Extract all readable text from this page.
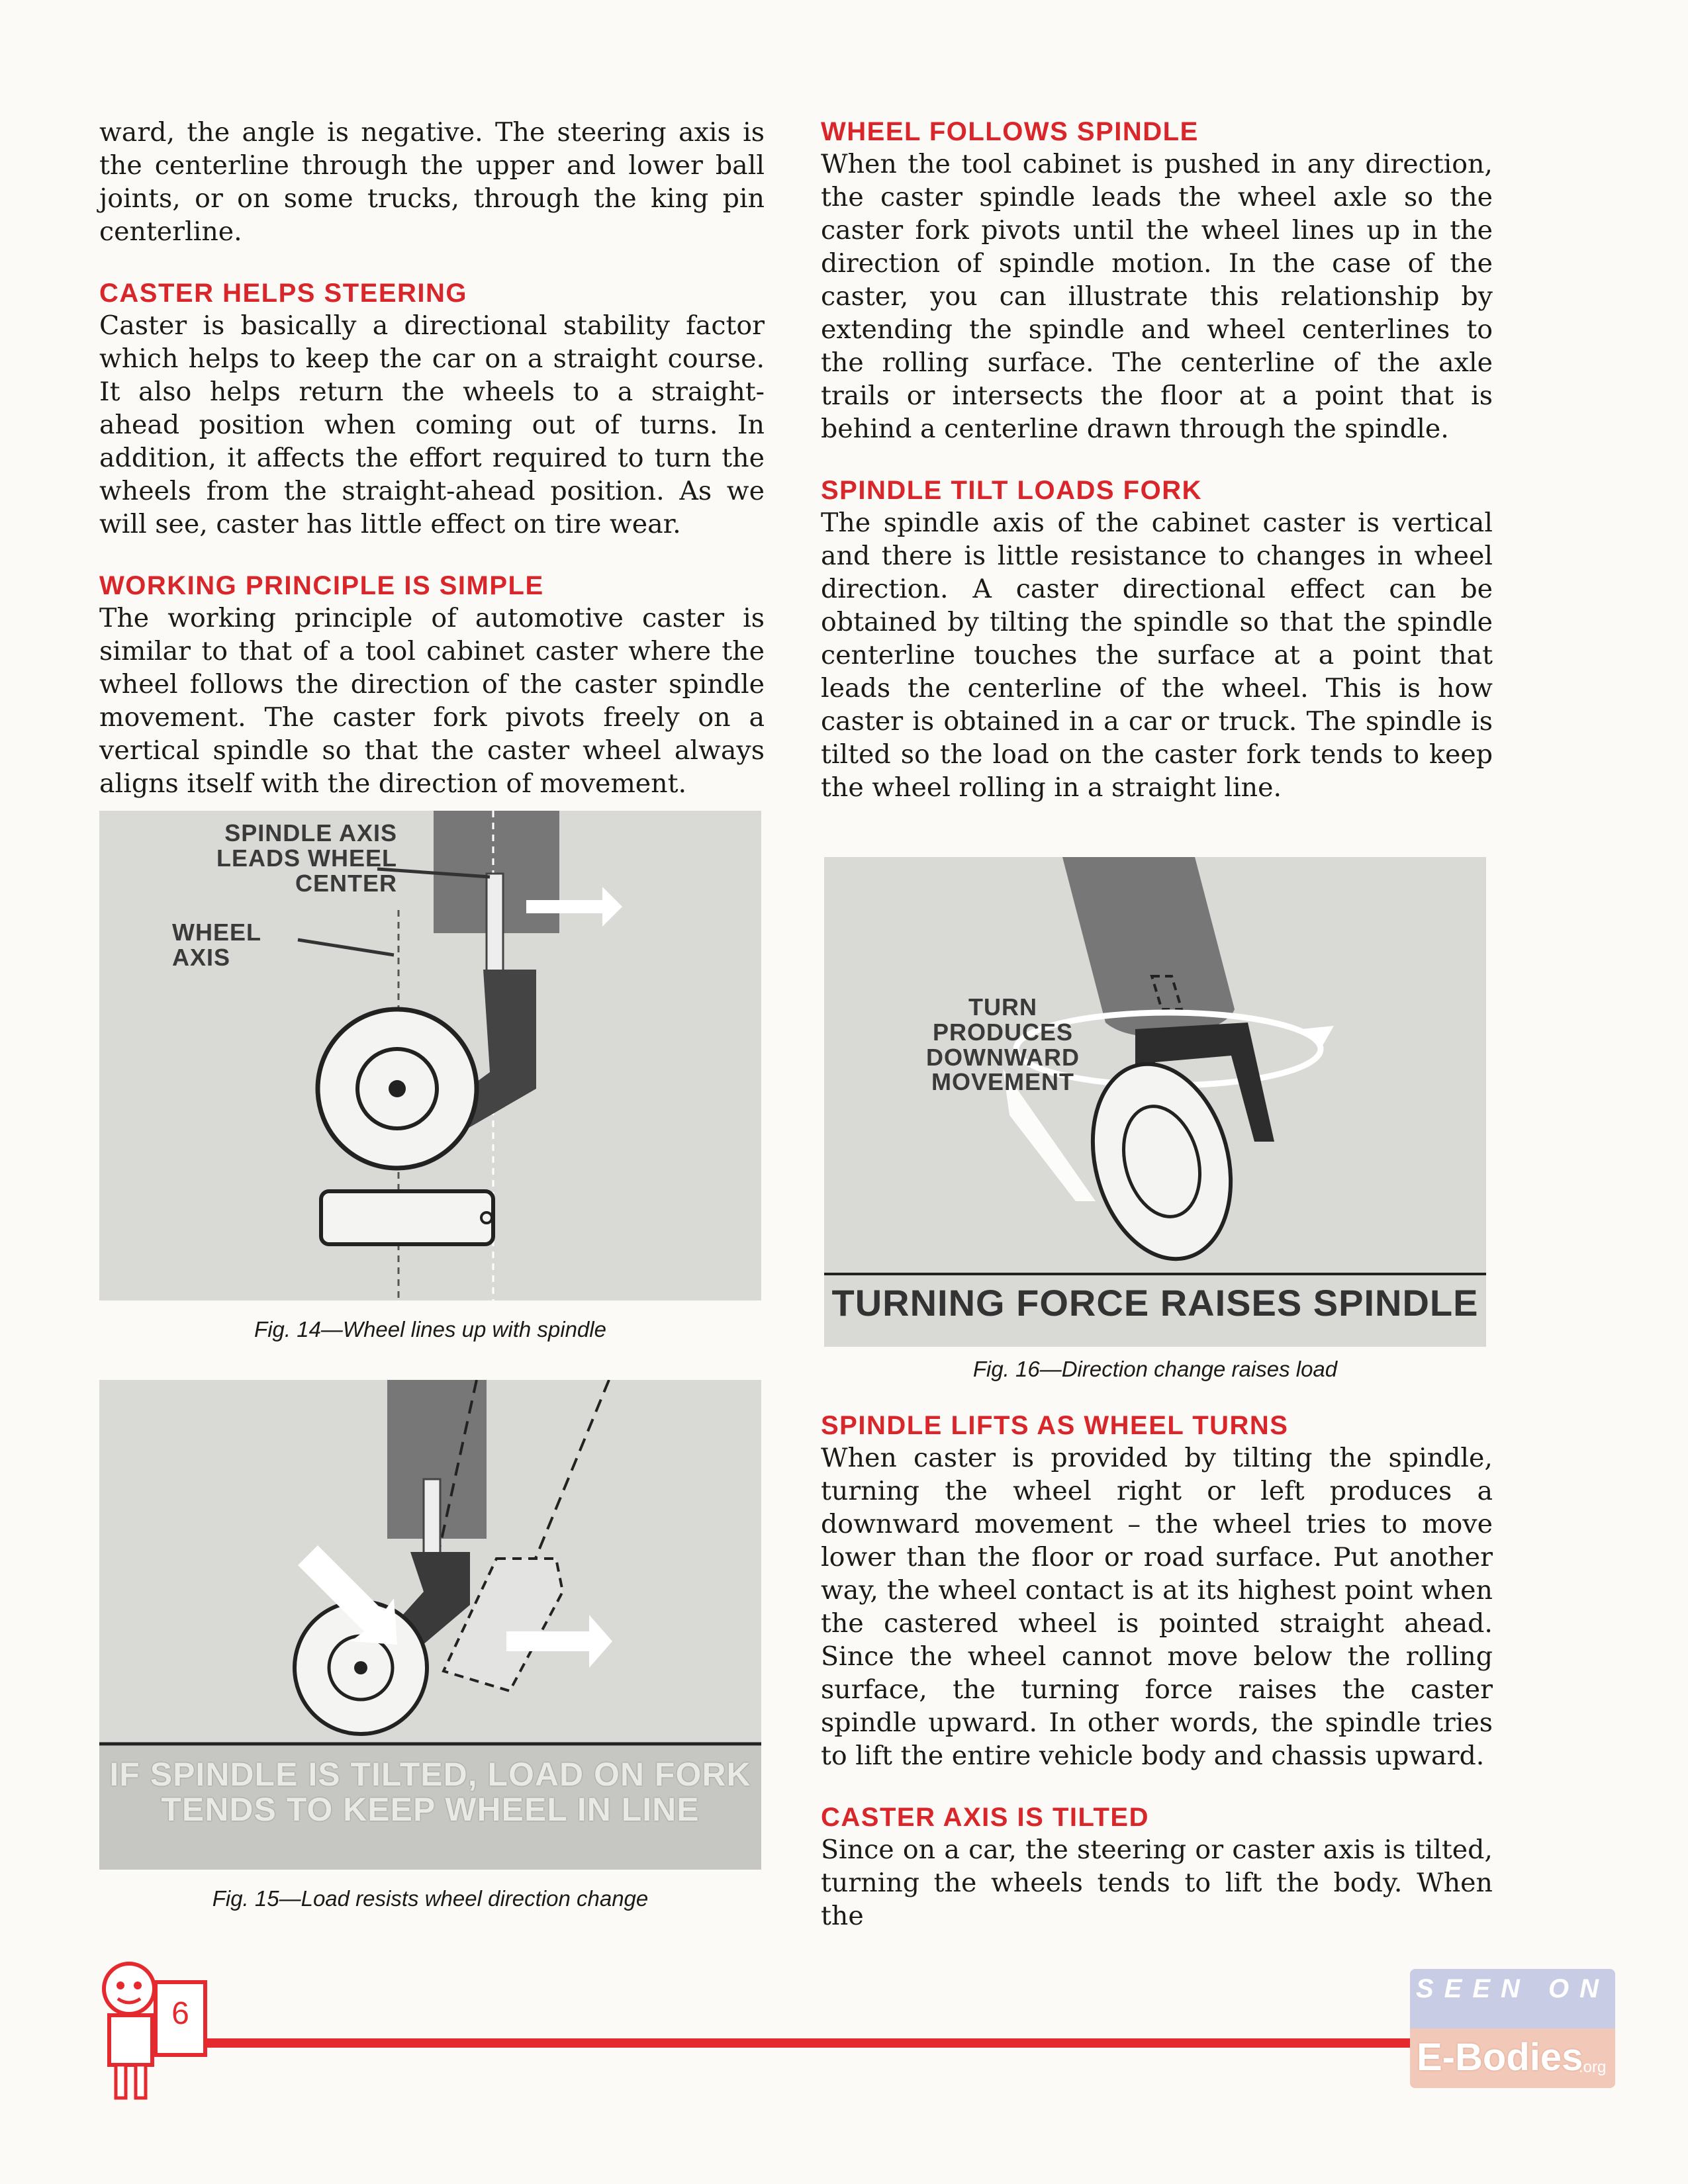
ward, the angle is negative. The steering axis is the centerline through the upper and lower ball joints, or on some trucks, through the king pin centerline.

CASTER HELPS STEERING

Caster is basically a directional stability factor which helps to keep the car on a straight course. It also helps return the wheels to a straight-ahead position when coming out of turns. In addition, it affects the effort required to turn the wheels from the straight-ahead position. As we will see, caster has little effect on tire wear.

WORKING PRINCIPLE IS SIMPLE

The working principle of automotive caster is similar to that of a tool cabinet caster where the wheel follows the direction of the caster spindle movement. The caster fork pivots freely on a vertical spindle so that the caster wheel always aligns itself with the direction of movement.

WHEEL FOLLOWS SPINDLE

When the tool cabinet is pushed in any direction, the caster spindle leads the wheel axle so the caster fork pivots until the wheel lines up in the direction of spindle motion. In the case of the caster, you can illustrate this relationship by extending the spindle and wheel centerlines to the rolling surface. The centerline of the axle trails or intersects the floor at a point that is behind a centerline drawn through the spindle.

SPINDLE TILT LOADS FORK

The spindle axis of the cabinet caster is vertical and there is little resistance to changes in wheel direction. A caster directional effect can be obtained by tilting the spindle so that the spindle centerline touches the surface at a point that leads the centerline of the wheel. This is how caster is obtained in a car or truck. The spindle is tilted so the load on the caster fork tends to keep the wheel rolling in a straight line.

SPINDLE LIFTS AS WHEEL TURNS

When caster is provided by tilting the spindle, turning the wheel right or left produces a downward movement – the wheel tries to move lower than the floor or road surface. Put another way, the wheel contact is at its highest point when the castered wheel is pointed straight ahead. Since the wheel cannot move below the rolling surface, the turning force raises the caster spindle upward. In other words, the spindle tries to lift the entire vehicle body and chassis upward.

CASTER AXIS IS TILTED

Since on a car, the steering or caster axis is tilted, turning the wheels tends to lift the body. When the

SPINDLE AXIS
LEADS WHEEL CENTER
WHEEL AXIS
Fig. 14—Wheel lines up with spindle
IF SPINDLE IS TILTED, LOAD ON FORK
TENDS TO KEEP WHEEL IN LINE
Fig. 15—Load resists wheel direction change
TURN PRODUCES
DOWNWARD
MOVEMENT
TURNING FORCE RAISES SPINDLE
Fig. 16—Direction change raises load
6
SEEN ON
E-Bodies
.org
